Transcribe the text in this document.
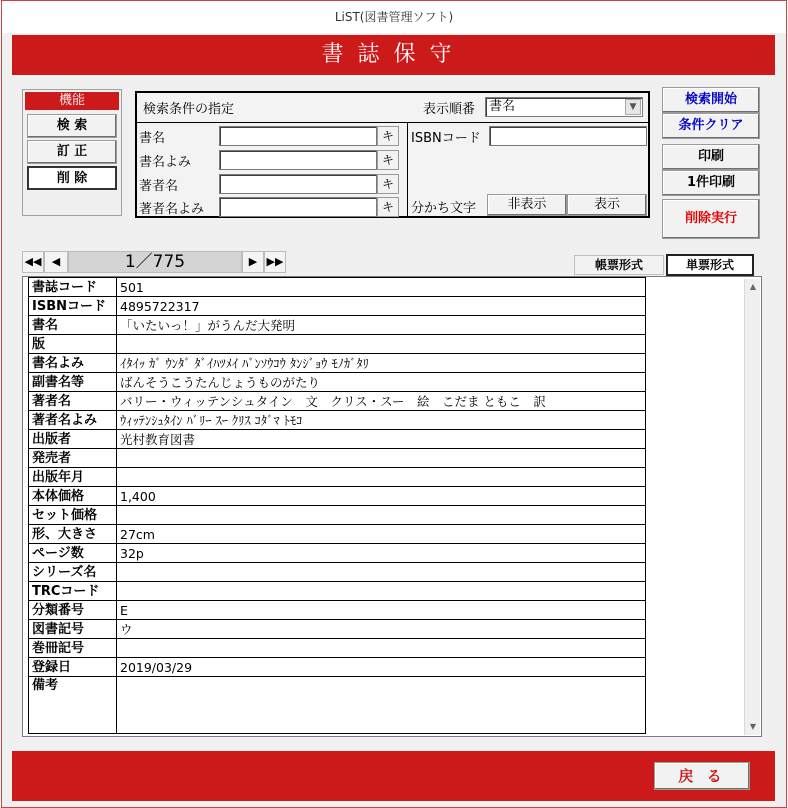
LiST(図書管理ソフト)
書誌保守
機能
検 索
訂 正
削 除
検索条件の指定	表示順番	書名	▼
書名	キ
書名よみ	キ
著者名	キ
著者名よみ	キ
ISBNコード
分かち文字	非表示	表示
検索開始
条件クリア
印刷
1件印刷
削除実行
◀◀ ◀	1／775	▶ ▶▶	帳票形式	単票形式
書誌コード	501
ISBNコード	4895722317
書名	「いたいっ！」がうんだ大発明
版	
書名よみ	ｲﾀｲｯ ｶﾞ ｳﾝﾀﾞ ﾀﾞｲﾊﾂﾒｲ ﾊﾞﾝｿｳｺｳ ﾀﾝｼﾞｮｳ ﾓﾉｶﾞﾀﾘ
副書名等	ばんそうこうたんじょうものがたり
著者名	バリー・ウィッテンシュタイン　文　クリス・スー　絵　こだま ともこ　訳
著者名よみ	ｳｨｯﾃﾝｼｭﾀｲﾝ ﾊﾞﾘｰ ｽｰ ｸﾘｽ ｺﾀﾞﾏ ﾄﾓｺ
出版者	光村教育図書
発売者	
出版年月	
本体価格	1,400
セット価格	
形、大きさ	27cm
ページ数	32p
シリーズ名	
TRCコード	
分類番号	E
図書記号	ウ
巻冊記号	
登録日	2019/03/29
備考	
▲
▼
戻 る
